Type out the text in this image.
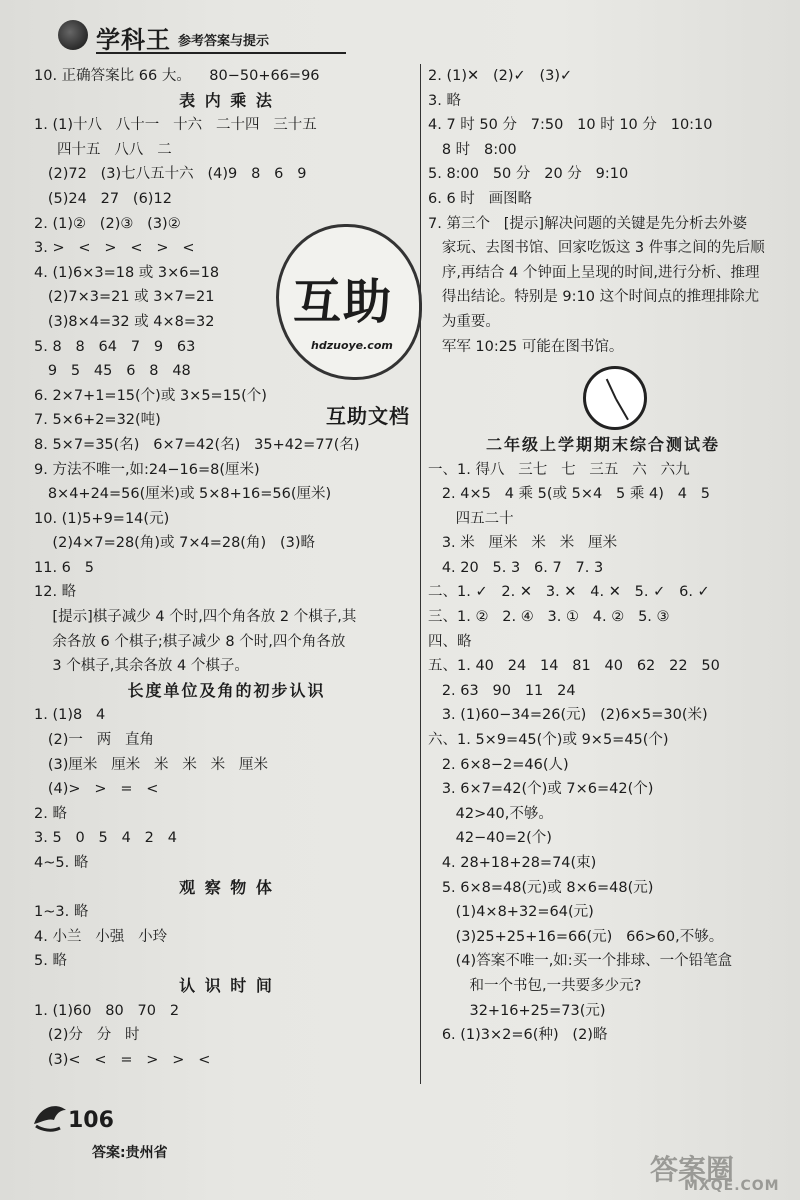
学科王 参考答案与提示
10. 正确答案比 66 大。    80−50+66=96
表 内 乘 法
1. (1)十八   八十一   十六   二十四   三十五
四十五   八八   二
(2)72   (3)七八五十六   (4)9   8   6   9
(5)24   27   (6)12
2. (1)②   (2)③   (3)②
3. >   <   >   <   >   <
4. (1)6×3=18 或 3×6=18
(2)7×3=21 或 3×7=21
(3)8×4=32 或 4×8=32
5. 8   8   64   7   9   63
9   5   45   6   8   48
6. 2×7+1=15(个)或 3×5=15(个)
7. 5×6+2=32(吨)
8. 5×7=35(名)   6×7=42(名)   35+42=77(名)
9. 方法不唯一,如:24−16=8(厘米)
8×4+24=56(厘米)或 5×8+16=56(厘米)
10. (1)5+9=14(元)
(2)4×7=28(角)或 7×4=28(角)   (3)略
11. 6   5
12. 略
[提示]棋子减少 4 个时,四个角各放 2 个棋子,其
余各放 6 个棋子;棋子减少 8 个时,四个角各放
3 个棋子,其余各放 4 个棋子。
长度单位及角的初步认识
1. (1)8   4
(2)一   两   直角
(3)厘米   厘米   米   米   米   厘米
(4)>   >   =   <
2. 略
3. 5   0   5   4   2   4
4~5. 略
观 察 物 体
1~3. 略
4. 小兰   小强   小玲
5. 略
认 识 时 间
1. (1)60   80   70   2
(2)分   分   时
(3)<   <   =   >   >   <
2. (1)✕   (2)✓   (3)✓
3. 略
4. 7 时 50 分   7:50   10 时 10 分   10:10
8 时   8:00
5. 8:00   50 分   20 分   9:10
6. 6 时   画图略
7. 第三个   [提示]解决问题的关键是先分析去外婆
家玩、去图书馆、回家吃饭这 3 件事之间的先后顺
序,再结合 4 个钟面上呈现的时间,进行分析、推理
得出结论。特别是 9:10 这个时间点的推理排除尤
为重要。
军军 10:25 可能在图书馆。
二年级上学期期末综合测试卷
一、1. 得八   三七   七   三五   六   六九
2. 4×5   4 乘 5(或 5×4   5 乘 4)   4   5
四五二十
3. 米   厘米   米   米   厘米
4. 20   5. 3   6. 7   7. 3
二、1. ✓   2. ✕   3. ✕   4. ✕   5. ✓   6. ✓
三、1. ②   2. ④   3. ①   4. ②   5. ③
四、略
五、1. 40   24   14   81   40   62   22   50
2. 63   90   11   24
3. (1)60−34=26(元)   (2)6×5=30(米)
六、1. 5×9=45(个)或 9×5=45(个)
2. 6×8−2=46(人)
3. 6×7=42(个)或 7×6=42(个)
42>40,不够。
42−40=2(个)
4. 28+18+28=74(束)
5. 6×8=48(元)或 8×6=48(元)
(1)4×8+32=64(元)
(3)25+25+16=66(元)   66>60,不够。
(4)答案不唯一,如:买一个排球、一个铅笔盒
和一个书包,一共要多少元?
32+16+25=73(元)
6. (1)3×2=6(种)   (2)略
互助
hdzuoye.com
互助文档
106
答案:贵州省	答案圈
MXQE.COM
